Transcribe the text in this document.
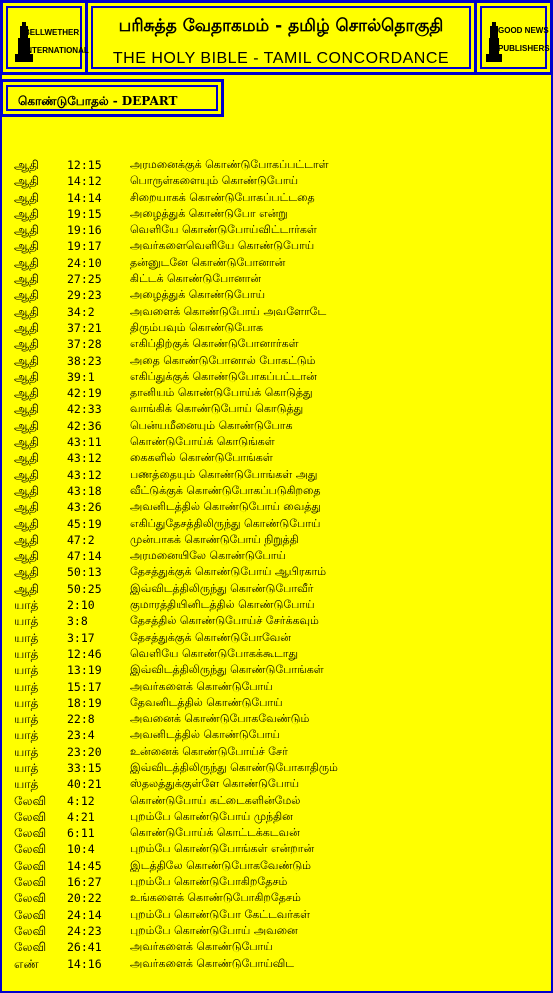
BELLWETHER
INTERNATIONAL
பரிசுத்த வேதாகமம் - தமிழ் சொல்தொகுதி
THE HOLY BIBLE - TAMIL CONCORDANCE
GOOD NEWS
PUBLISHERS
கொண்டுபோதல் - DEPART
ஆதி 12:15	அரமனைக்குக் கொண்டுபோகப்பட்டாள்
ஆதி 14:12	பொருள்களையும் கொண்டுபோய்
ஆதி 14:14	சிறையாகக் கொண்டுபோகப்பட்டதை
ஆதி 19:15	அழைத்துக் கொண்டுபோ என்று
ஆதி 19:16	வெளியே கொண்டுபோய்விட்டார்கள்
ஆதி 19:17	அவர்களைவெளியே கொண்டுபோய்
ஆதி 24:10	தன்னுடனே கொண்டுபோனான்
ஆதி 27:25	கிட்டக் கொண்டுபோனான்
ஆதி 29:23	அழைத்துக் கொண்டுபோய்
ஆதி 34:2	அவளைக் கொண்டுபோய் அவளோடே
ஆதி 37:21	திரும்பவும் கொண்டுபோக
ஆதி 37:28	எகிப்திற்குக் கொண்டுபோனார்கள்
ஆதி 38:23	அதை கொண்டுபோனால் போகட்டும்
ஆதி 39:1	எகிப்துக்குக் கொண்டுபோகப்பட்டான்
ஆதி 42:19	தானியம் கொண்டுபோய்க் கொடுத்து
ஆதி 42:33	வாங்கிக் கொண்டுபோய் கொடுத்து
ஆதி 42:36	பென்யமீனையும் கொண்டுபோக
ஆதி 43:11	கொண்டுபோய்க் கொடுங்கள்
ஆதி 43:12	கைகளில் கொண்டுபோங்கள்
ஆதி 43:12	பணத்தையும் கொண்டுபோங்கள் அது
ஆதி 43:18	வீட்டுக்குக் கொண்டுபோகப்படுகிறதை
ஆதி 43:26	அவனிடத்தில் கொண்டுபோய் வைத்து
ஆதி 45:19	எகிப்துதேசத்திலிருந்து கொண்டுபோய்
ஆதி 47:2	முன்பாகக் கொண்டுபோய் நிறுத்தி
ஆதி 47:14	அரமனையிலே கொண்டுபோய்
ஆதி 50:13	தேசத்துக்குக் கொண்டுபோய் ஆபிரகாம்
ஆதி 50:25	இவ்விடத்திலிருந்து கொண்டுபோவீர்
யாத் 2:10	குமாரத்தியினிடத்தில் கொண்டுபோய்
யாத் 3:8	தேசத்தில் கொண்டுபோய்ச் சேர்க்கவும்
யாத் 3:17	தேசத்துக்குக் கொண்டுபோவேன்
யாத் 12:46	வெளியே கொண்டுபோகக்கூடாது
யாத் 13:19	இவ்விடத்திலிருந்து கொண்டுபோங்கள்
யாத் 15:17	அவர்களைக் கொண்டுபோய்
யாத் 18:19	தேவனிடத்தில் கொண்டுபோய்
யாத் 22:8	அவனைக் கொண்டுபோகவேண்டும்
யாத் 23:4	அவனிடத்தில் கொண்டுபோய்
யாத் 23:20	உன்னைக் கொண்டுபோய்ச் சேர்
யாத் 33:15	இவ்விடத்திலிருந்து கொண்டுபோகாதிரும்
யாத் 40:21	ஸ்தலத்துக்குள்ளே கொண்டுபோய்
லேவி 4:12	கொண்டுபோய் கட்டைகளின்மேல்
லேவி 4:21	புறம்பே கொண்டுபோய் முந்தின
லேவி 6:11	கொண்டுபோய்க் கொட்டக்கடவன்
லேவி 10:4	புறம்பே கொண்டுபோங்கள் என்றான்
லேவி 14:45	இடத்திலே கொண்டுபோகவேண்டும்
லேவி 16:27	புறம்பே கொண்டுபோகிறதேசம்
லேவி 20:22	உங்களைக் கொண்டுபோகிறதேசம்
லேவி 24:14	புறம்பே கொண்டுபோ கேட்டவர்கள்
லேவி 24:23	புறம்பே கொண்டுபோய் அவனை
லேவி 26:41	அவர்களைக் கொண்டுபோய்
எண் 14:16	அவர்களைக் கொண்டுபோய்விட
